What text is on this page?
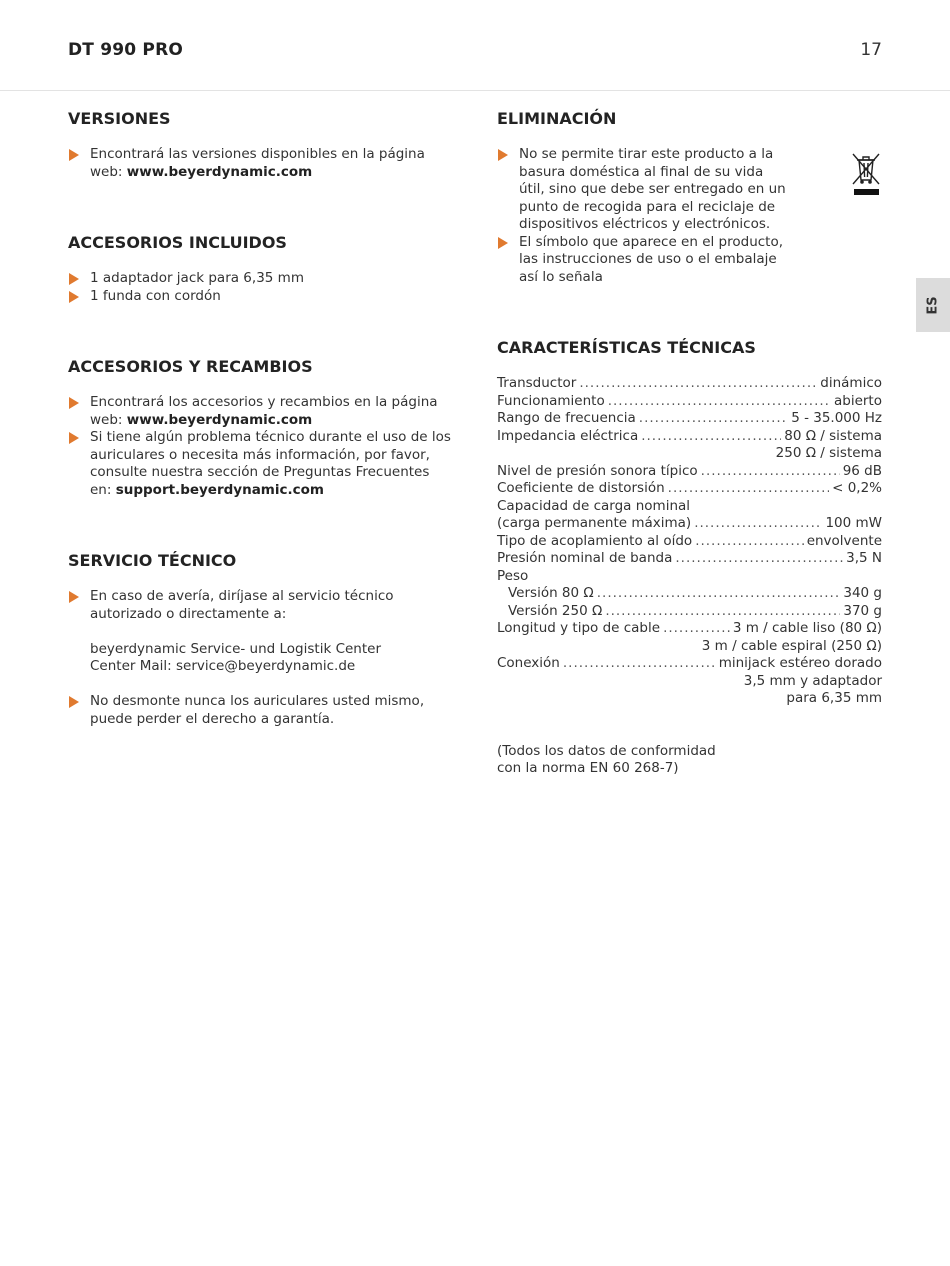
DT 990 PRO	17
ES
VERSIONES
Encontrará las versiones disponibles en la página web: www.beyerdynamic.com
ACCESORIOS INCLUIDOS
1 adaptador jack para 6,35 mm
1 funda con cordón
ACCESORIOS Y RECAMBIOS
Encontrará los accesorios y recambios en la página web: www.beyerdynamic.com
Si tiene algún problema técnico durante el uso de los auriculares o necesita más información, por favor, consulte nuestra sección de Preguntas Frecuentes en: support.beyerdynamic.com
SERVICIO TÉCNICO
En caso de avería, diríjase al servicio técnico autorizado o directamente a:
beyerdynamic Service- und Logistik Center
Center Mail: service@beyerdynamic.de
No desmonte nunca los auriculares usted mismo, puede perder el derecho a garantía.
ELIMINACIÓN
No se permite tirar este producto a la basura doméstica al final de su vida útil, sino que debe ser entregado en un punto de recogida para el reciclaje de dispositivos eléctricos y electrónicos.
El símbolo que aparece en el producto, las instrucciones de uso o el embalaje así lo señala
CARACTERÍSTICAS TÉCNICAS
Transductor .....	dinámico
Funcionamiento .....	abierto
Rango de frecuencia .....	5 - 35.000 Hz
Impedancia eléctrica .....	80 Ω / sistema
250 Ω / sistema
Nivel de presión sonora típico .....	96 dB
Coeficiente de distorsión .....	< 0,2%
Capacidad de carga nominal
(carga permanente máxima) .....	100 mW
Tipo de acoplamiento al oído .....	envolvente
Presión nominal de banda .....	3,5 N
Peso
Versión 80 Ω .....	340 g
Versión 250 Ω .....	370 g
Longitud y tipo de cable .....	3 m / cable liso (80 Ω)
3 m / cable espiral (250 Ω)
Conexión .....	minijack estéreo dorado
3,5 mm y adaptador
para 6,35 mm
(Todos los datos de conformidad
con la norma EN 60 268-7)
